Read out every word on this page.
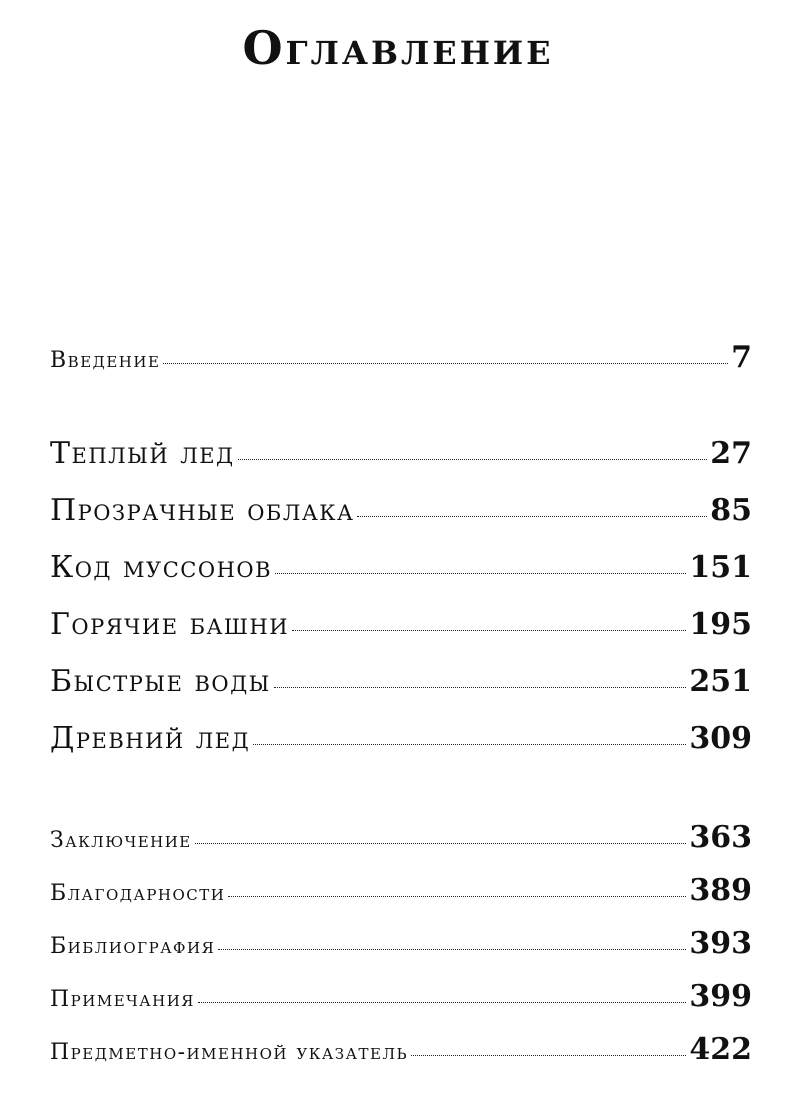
Оглавление
Введение	7
Теплый лед	27
Прозрачные облака	85
Код муссонов	151
Горячие башни	195
Быстрые воды	251
Древний лед	309
Заключение	363
Благодарности	389
Библиография	393
Примечания	399
Предметно-именной указатель	422
